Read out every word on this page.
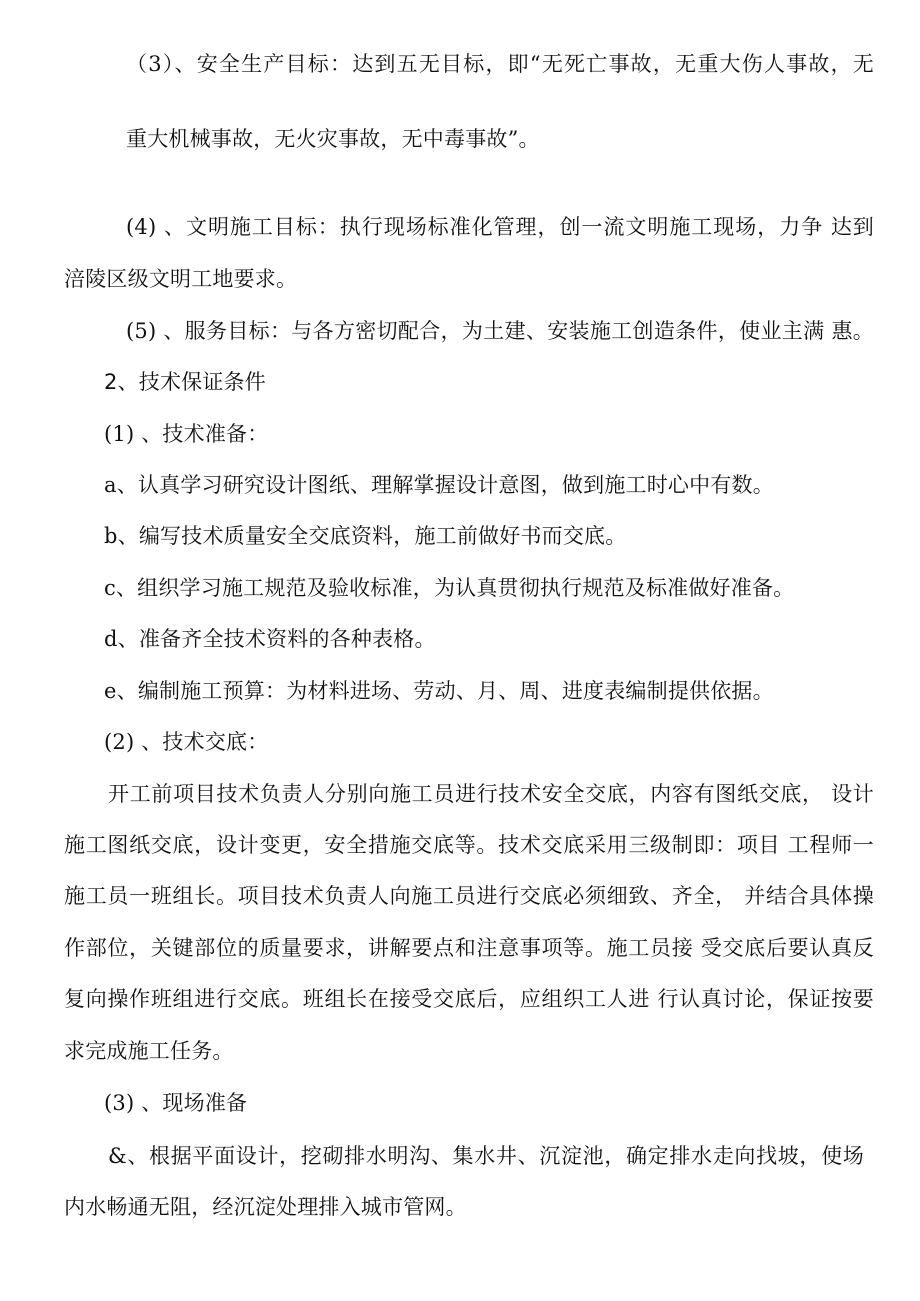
（3）、安全生产目标：达到五无目标，即“无死亡事故，无重大伤人事故，无
重大机械事故，无火灾事故，无中毒事故”。
(4) 、文明施工目标：执行现场标准化管理，创一流文明施工现场，力争 达到
涪陵区级文明工地要求。
(5) 、服务目标：与各方密切配合，为土建、安装施工创造条件，使业主满 惠。
2、技术保证条件
(1) 、技术准备：
a、认真学习研究设计图纸、理解掌握设计意图，做到施工时心中有数。
b、编写技术质量安全交底资料，施工前做好书而交底。
c、组织学习施工规范及验收标准，为认真贯彻执行规范及标准做好准备。
d、准备齐全技术资料的各种表格。
e、编制施工预算：为材料进场、劳动、月、周、进度表编制提供依据。
(2) 、技术交底：
开工前项目技术负责人分别向施工员进行技术安全交底，内容有图纸交底， 设计
施工图纸交底，设计变更，安全措施交底等。技术交底采用三级制即：项目 工程师一
施工员一班组长。项目技术负责人向施工员进行交底必须细致、齐全， 并结合具体操
作部位，关键部位的质量要求，讲解要点和注意事项等。施工员接 受交底后要认真反
复向操作班组进行交底。班组长在接受交底后，应组织工人进 行认真讨论，保证按要
求完成施工任务。
(3) 、现场准备
&、根据平面设计，挖砌排水明沟、集水井、沉淀池，确定排水走向找坡，使场
内水畅通无阻，经沉淀处理排入城市管网。
